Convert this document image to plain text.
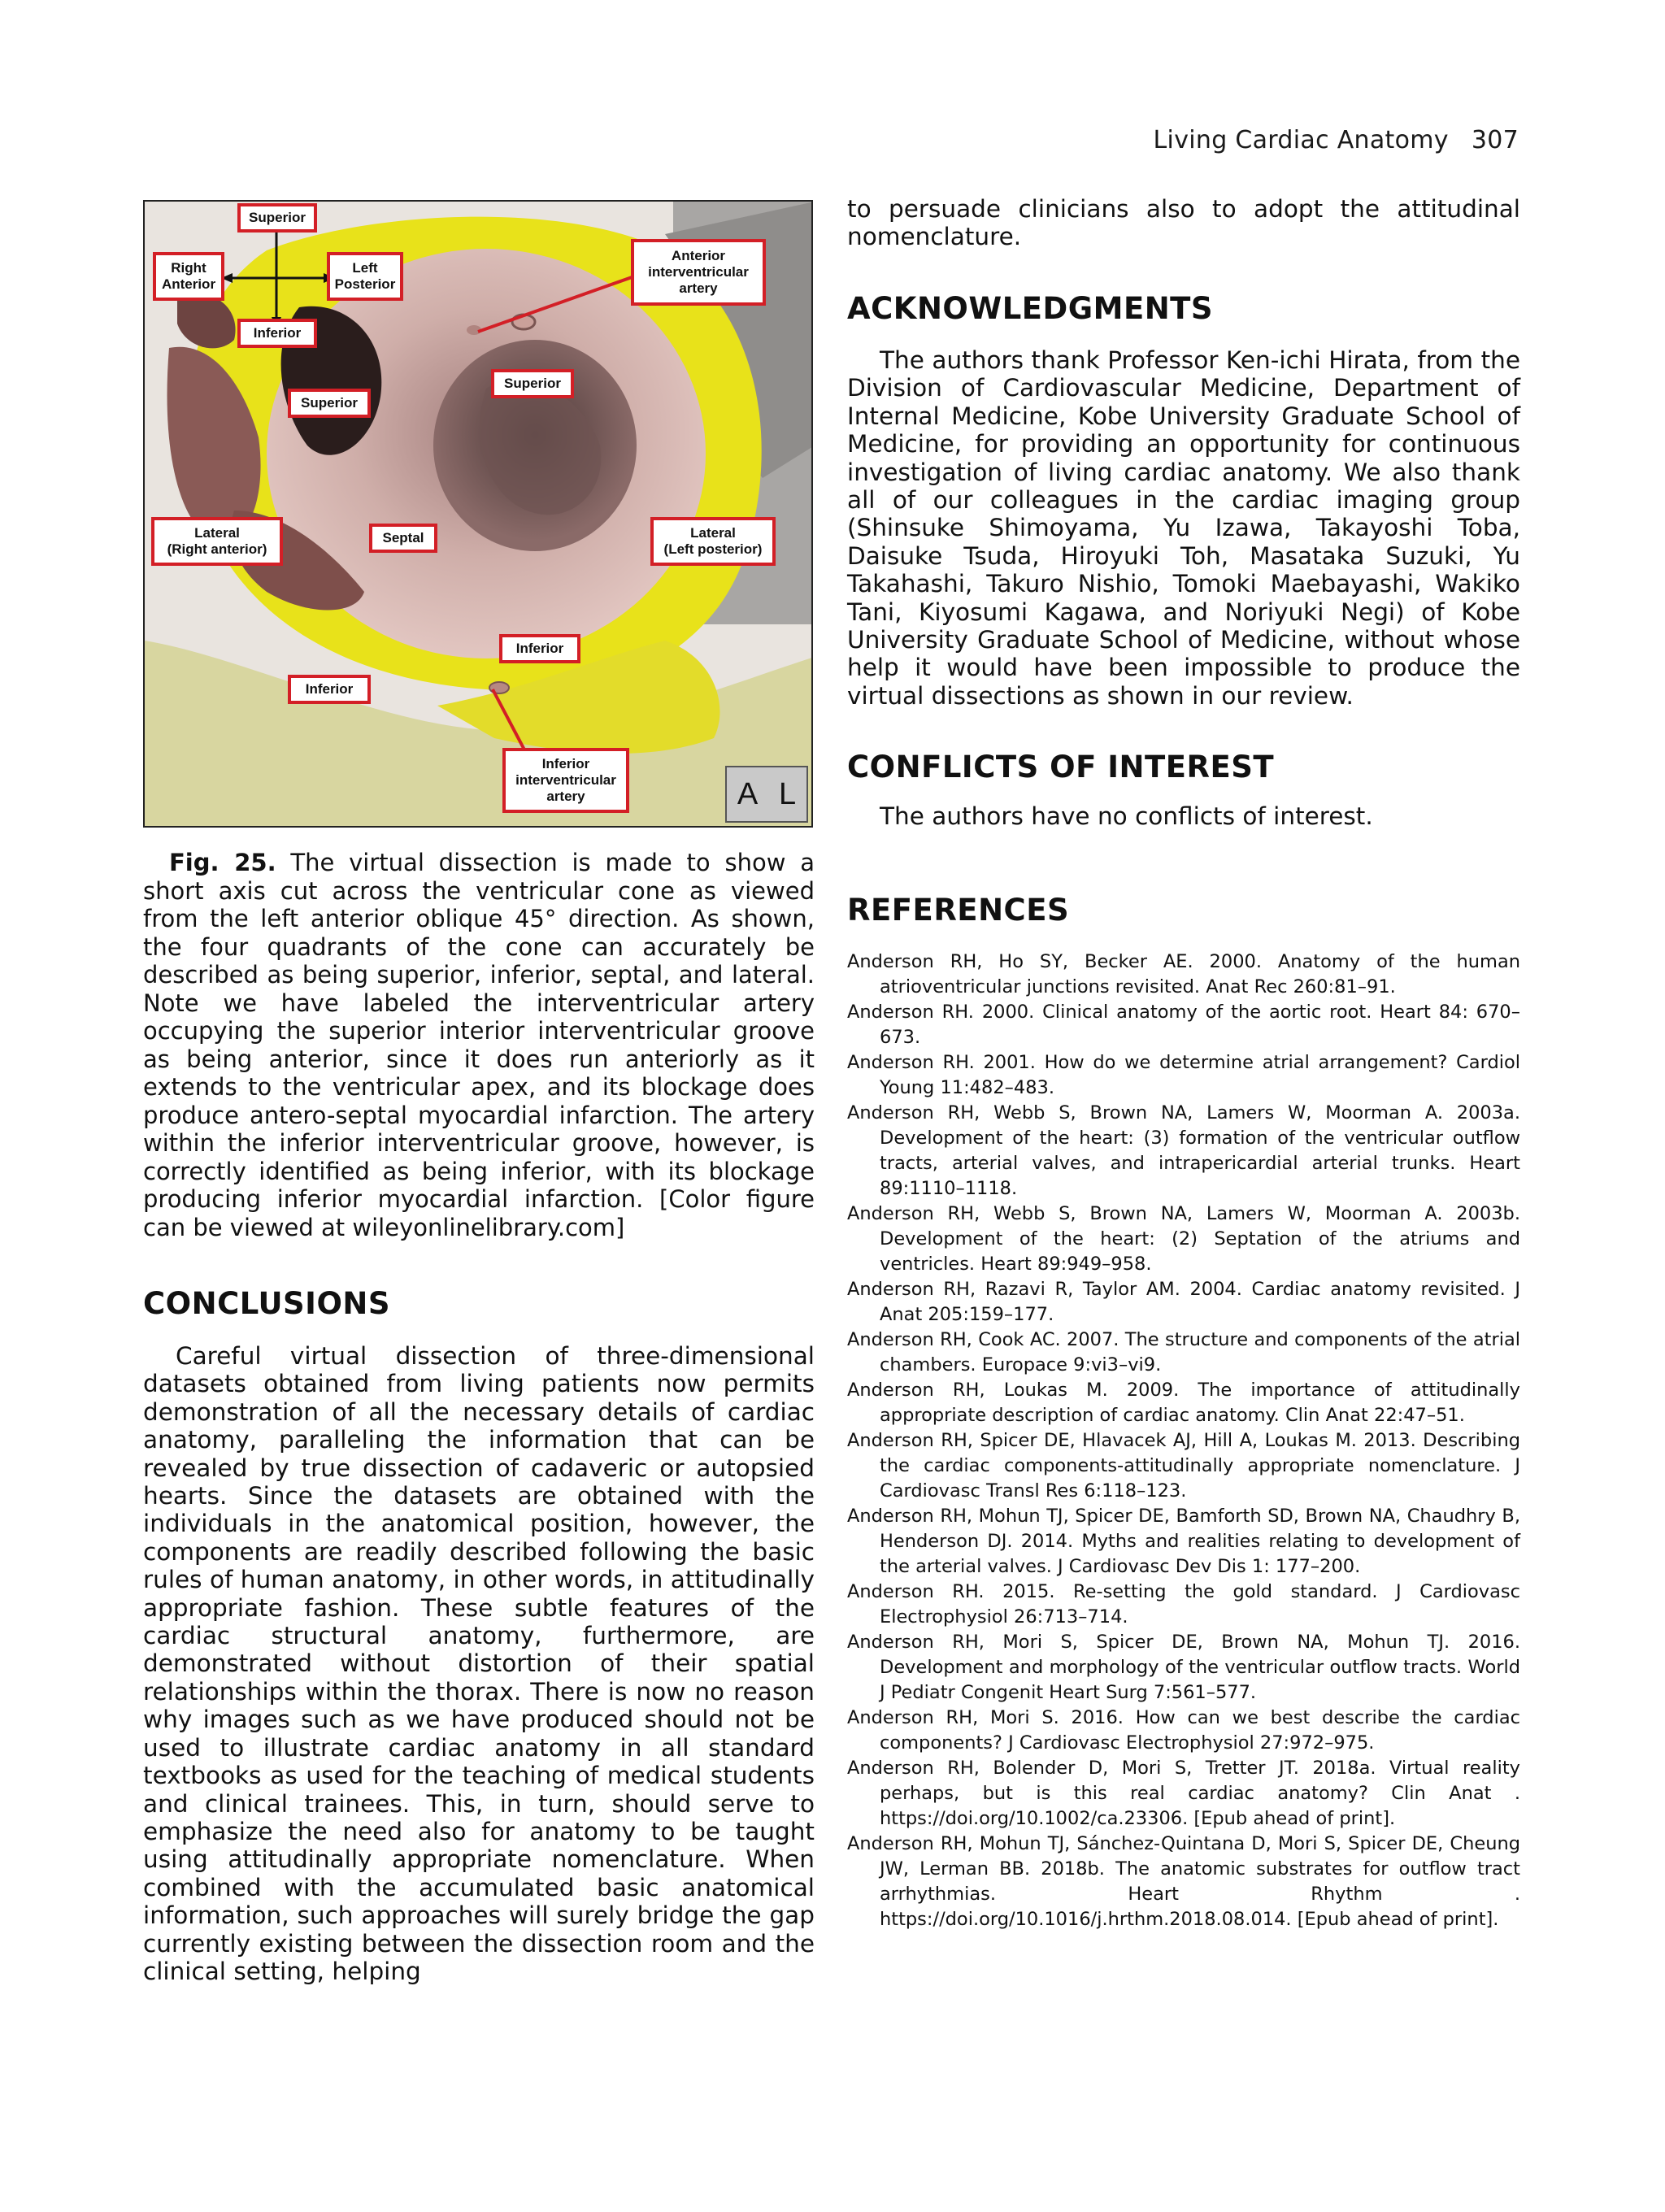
Living Cardiac Anatomy 307
Superior
Right
Anterior
Left
Posterior
Inferior
Anterior
interventricular
artery
Superior
Superior
Lateral
(Right anterior)
Septal	Lateral
(Left posterior)
Inferior
Inferior
Inferior
interventricular
artery	A L

Fig. 25. The virtual dissection is made to show a short axis cut across the ventricular cone as viewed from the left anterior oblique 45° direction. As shown, the four quadrants of the cone can accurately be described as being superior, inferior, septal, and lateral. Note we have labeled the interventricular artery occupying the superior interior interventricular groove as being anterior, since it does run anteriorly as it extends to the ventricular apex, and its blockage does produce antero-septal myocardial infarction. The artery within the inferior interventricular groove, however, is correctly identified as being inferior, with its blockage producing inferior myocardial infarction. [Color figure can be viewed at wileyonlinelibrary.com]

CONCLUSIONS

Careful virtual dissection of three-dimensional datasets obtained from living patients now permits demonstration of all the necessary details of cardiac anatomy, paralleling the information that can be revealed by true dissection of cadaveric or autopsied hearts. Since the datasets are obtained with the individuals in the anatomical position, however, the components are readily described following the basic rules of human anatomy, in other words, in attitudinally appropriate fashion. These subtle features of the cardiac structural anatomy, furthermore, are demonstrated without distortion of their spatial relationships within the thorax. There is now no reason why images such as we have produced should not be used to illustrate cardiac anatomy in all standard textbooks as used for the teaching of medical students and clinical trainees. This, in turn, should serve to emphasize the need also for anatomy to be taught using attitudinally appropriate nomenclature. When combined with the accumulated basic anatomical information, such approaches will surely bridge the gap currently existing between the dissection room and the clinical setting, helping

to persuade clinicians also to adopt the attitudinal nomenclature.

ACKNOWLEDGMENTS

The authors thank Professor Ken-ichi Hirata, from the Division of Cardiovascular Medicine, Department of Internal Medicine, Kobe University Graduate School of Medicine, for providing an opportunity for continuous investigation of living cardiac anatomy. We also thank all of our colleagues in the cardiac imaging group (Shinsuke Shimoyama, Yu Izawa, Takayoshi Toba, Daisuke Tsuda, Hiroyuki Toh, Masataka Suzuki, Yu Takahashi, Takuro Nishio, Tomoki Maebayashi, Wakiko Tani, Kiyosumi Kagawa, and Noriyuki Negi) of Kobe University Graduate School of Medicine, without whose help it would have been impossible to produce the virtual dissections as shown in our review.

CONFLICTS OF INTEREST

The authors have no conflicts of interest.

REFERENCES

Anderson RH, Ho SY, Becker AE. 2000. Anatomy of the human atrioventricular junctions revisited. Anat Rec 260:81–91.

Anderson RH. 2000. Clinical anatomy of the aortic root. Heart 84: 670–673.

Anderson RH. 2001. How do we determine atrial arrangement? Cardiol Young 11:482–483.

Anderson RH, Webb S, Brown NA, Lamers W, Moorman A. 2003a. Development of the heart: (3) formation of the ventricular outflow tracts, arterial valves, and intrapericardial arterial trunks. Heart 89:1110–1118.

Anderson RH, Webb S, Brown NA, Lamers W, Moorman A. 2003b. Development of the heart: (2) Septation of the atriums and ventricles. Heart 89:949–958.

Anderson RH, Razavi R, Taylor AM. 2004. Cardiac anatomy revisited. J Anat 205:159–177.

Anderson RH, Cook AC. 2007. The structure and components of the atrial chambers. Europace 9:vi3–vi9.

Anderson RH, Loukas M. 2009. The importance of attitudinally appropriate description of cardiac anatomy. Clin Anat 22:47–51.

Anderson RH, Spicer DE, Hlavacek AJ, Hill A, Loukas M. 2013. Describing the cardiac components-attitudinally appropriate nomenclature. J Cardiovasc Transl Res 6:118–123.

Anderson RH, Mohun TJ, Spicer DE, Bamforth SD, Brown NA, Chaudhry B, Henderson DJ. 2014. Myths and realities relating to development of the arterial valves. J Cardiovasc Dev Dis 1: 177–200.

Anderson RH. 2015. Re-setting the gold standard. J Cardiovasc Electrophysiol 26:713–714.

Anderson RH, Mori S, Spicer DE, Brown NA, Mohun TJ. 2016. Development and morphology of the ventricular outflow tracts. World J Pediatr Congenit Heart Surg 7:561–577.

Anderson RH, Mori S. 2016. How can we best describe the cardiac components? J Cardiovasc Electrophysiol 27:972–975.

Anderson RH, Bolender D, Mori S, Tretter JT. 2018a. Virtual reality perhaps, but is this real cardiac anatomy? Clin Anat . https://doi.org/10.1002/ca.23306. [Epub ahead of print].

Anderson RH, Mohun TJ, Sánchez-Quintana D, Mori S, Spicer DE, Cheung JW, Lerman BB. 2018b. The anatomic substrates for outflow tract arrhythmias. Heart Rhythm . https://doi.org/10.1016/j.hrthm.2018.08.014. [Epub ahead of print].
